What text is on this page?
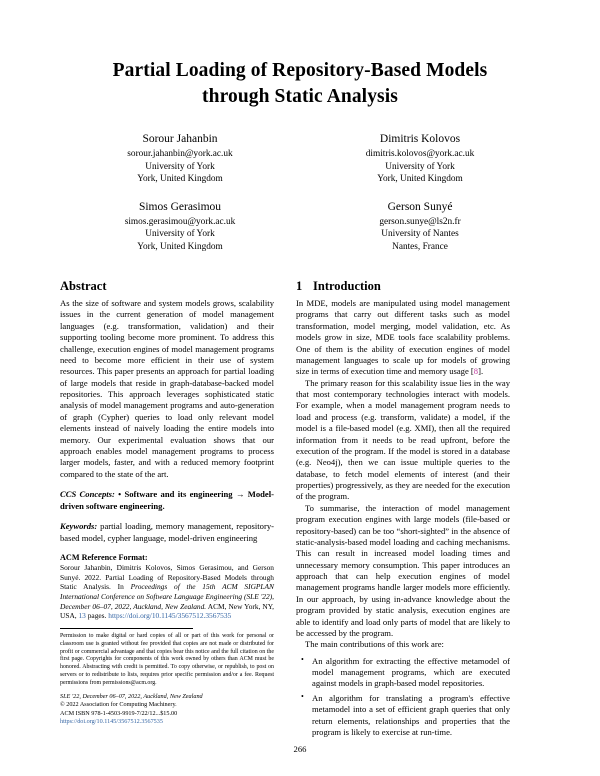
Partial Loading of Repository-Based Models
through Static Analysis
Sorour Jahanbin
sorour.jahanbin@york.ac.uk
University of York
York, United Kingdom
Simos Gerasimou
simos.gerasimou@york.ac.uk
University of York
York, United Kingdom
Dimitris Kolovos
dimitris.kolovos@york.ac.uk
University of York
York, United Kingdom
Gerson Sunyé
gerson.sunye@ls2n.fr
University of Nantes
Nantes, France
Abstract

As the size of software and system models grows, scalability issues in the current generation of model management languages (e.g. transformation, validation) and their supporting tooling become more prominent. To address this challenge, execution engines of model management programs need to become more efficient in their use of system resources. This paper presents an approach for partial loading of large models that reside in graph-database-backed model repositories. This approach leverages sophisticated static analysis of model management programs and auto-generation of graph (Cypher) queries to load only relevant model elements instead of naively loading the entire models into memory. Our experimental evaluation shows that our approach enables model management programs to process larger models, faster, and with a reduced memory footprint compared to the state of the art.

CCS Concepts: • Software and its engineering → Model-driven software engineering.

Keywords: partial loading, memory management, repository-based model, cypher language, model-driven engineering

ACM Reference Format:

Sorour Jahanbin, Dimitris Kolovos, Simos Gerasimou, and Gerson Sunyé. 2022. Partial Loading of Repository-Based Models through Static Analysis. In Proceedings of the 15th ACM SIGPLAN International Conference on Software Language Engineering (SLE '22), December 06–07, 2022, Auckland, New Zealand. ACM, New York, NY, USA, 13 pages. https://doi.org/10.1145/3567512.3567535

Permission to make digital or hard copies of all or part of this work for personal or classroom use is granted without fee provided that copies are not made or distributed for profit or commercial advantage and that copies bear this notice and the full citation on the first page. Copyrights for components of this work owned by others than ACM must be honored. Abstracting with credit is permitted. To copy otherwise, or republish, to post on servers or to redistribute to lists, requires prior specific permission and/or a fee. Request permissions from permissions@acm.org.

SLE '22, December 06–07, 2022, Auckland, New Zealand
© 2022 Association for Computing Machinery.
ACM ISBN 978-1-4503-9919-7/22/12...$15.00
https://doi.org/10.1145/3567512.3567535
1 Introduction

In MDE, models are manipulated using model management programs that carry out different tasks such as model transformation, model merging, model validation, etc. As models grow in size, MDE tools face scalability problems. One of them is the ability of execution engines of model management languages to scale up for models of growing size in terms of execution time and memory usage [8].

The primary reason for this scalability issue lies in the way that most contemporary technologies interact with models. For example, when a model management program needs to load and process (e.g. transform, validate) a model, if the model is a file-based model (e.g. XMI), then all the required information from it needs to be read upfront, before the execution of the program. If the model is stored in a database (e.g. Neo4j), then we can issue multiple queries to the database, to fetch model elements of interest (and their properties) progressively, as they are needed for the execution of the program.

To summarise, the interaction of model management program execution engines with large models (file-based or repository-based) can be too “short-sighted” in the absence of static-analysis-based model loading and caching mechanisms. This can result in increased model loading times and unnecessary memory consumption. This paper introduces an approach that can help execution engines of model management programs handle larger models more efficiently. In our approach, by using in-advance knowledge about the program provided by static analysis, execution engines are able to identify and load only parts of model that are likely to be accessed by the program.

The main contributions of this work are:

• An algorithm for extracting the effective metamodel of model management programs, which are executed against models in graph-based model repositories.
• An algorithm for translating a program's effective metamodel into a set of efficient graph queries that only return elements, relationships and properties that the program is likely to exercise at run-time.
266
